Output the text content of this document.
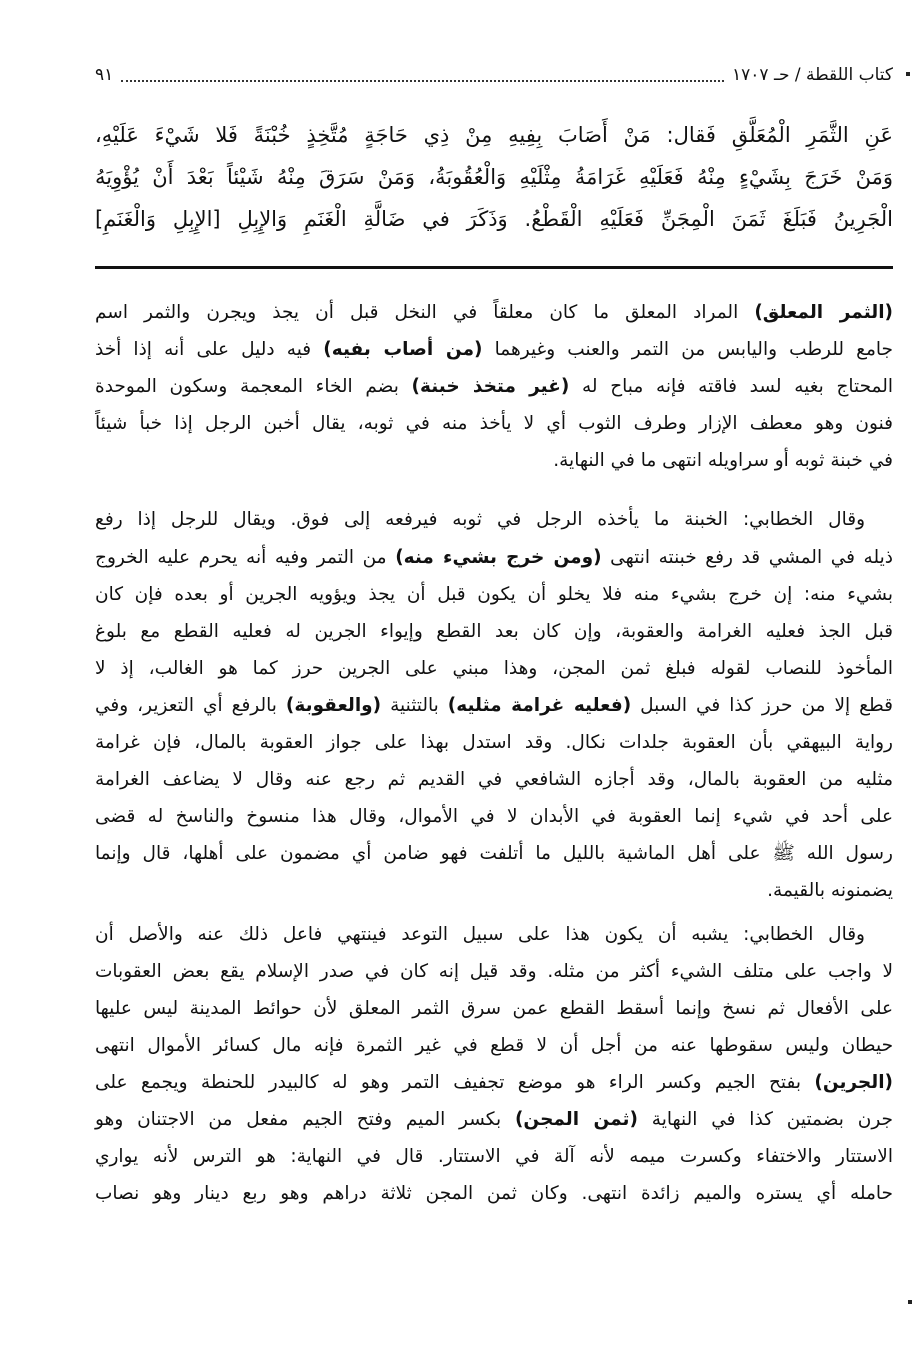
كتاب اللقطة / حـ ١٧٠٧
٩١
عَنِ الثَّمَرِ الْمُعَلَّقِ فَقال: مَنْ أَصَابَ بِفِيهِ مِنْ ذِي حَاجَةٍ مُتَّخِذٍ خُبْنَةً فَلا شَيْءَ عَلَيْهِ،
وَمَنْ خَرَجَ بِشَيْءٍ مِنْهُ فَعَلَيْهِ غَرَامَةُ مِثْلَيْهِ وَالْعُقُوبَةُ، وَمَنْ سَرَقَ مِنْهُ شَيْئاً بَعْدَ أَنْ يُؤْوِيَهُ
الْجَرِينُ فَبَلَغَ ثَمَنَ الْمِجَنِّ فَعَلَيْهِ الْقَطْعُ. وَذَكَرَ في ضَالَّةِ الْغَنَمِ وَالإِبِلِ [الإِبِلِ وَالْغَنَمِ]
(الثمر المعلق) المراد المعلق ما كان معلقاً في النخل قبل أن يجذ ويجرن والثمر اسم
جامع للرطب واليابس من التمر والعنب وغيرهما (من أصاب بفيه) فيه دليل على أنه إذا أخذ
المحتاج بغيه لسد فاقته فإنه مباح له (غير متخذ خبنة) بضم الخاء المعجمة وسكون الموحدة
فنون وهو معطف الإزار وطرف الثوب أي لا يأخذ منه في ثوبه، يقال أخبن الرجل إذا خبأ شيئاً
في خبنة ثوبه أو سراويله انتهى ما في النهاية.
وقال الخطابي: الخبنة ما يأخذه الرجل في ثوبه فيرفعه إلى فوق. ويقال للرجل إذا رفع
ذيله في المشي قد رفع خبنته انتهى (ومن خرج بشيء منه) من التمر وفيه أنه يحرم عليه الخروج
بشيء منه: إن خرج بشيء منه فلا يخلو أن يكون قبل أن يجذ ويؤويه الجرين أو بعده فإن كان
قبل الجذ فعليه الغرامة والعقوبة، وإن كان بعد القطع وإيواء الجرين له فعليه القطع مع بلوغ
المأخوذ للنصاب لقوله فبلغ ثمن المجن، وهذا مبني على الجرين حرز كما هو الغالب، إذ لا
قطع إلا من حرز كذا في السبل (فعليه غرامة مثليه) بالتثنية (والعقوبة) بالرفع أي التعزير، وفي
رواية البيهقي بأن العقوبة جلدات نكال. وقد استدل بهذا على جواز العقوبة بالمال، فإن غرامة
مثليه من العقوبة بالمال، وقد أجازه الشافعي في القديم ثم رجع عنه وقال لا يضاعف الغرامة
على أحد في شيء إنما العقوبة في الأبدان لا في الأموال، وقال هذا منسوخ والناسخ له قضى
رسول الله ﷺ على أهل الماشية بالليل ما أتلفت فهو ضامن أي مضمون على أهلها، قال وإنما
يضمنونه بالقيمة.
وقال الخطابي: يشبه أن يكون هذا على سبيل التوعد فينتهي فاعل ذلك عنه والأصل أن
لا واجب على متلف الشيء أكثر من مثله. وقد قيل إنه كان في صدر الإسلام يقع بعض العقوبات
على الأفعال ثم نسخ وإنما أسقط القطع عمن سرق الثمر المعلق لأن حوائط المدينة ليس عليها
حيطان وليس سقوطها عنه من أجل أن لا قطع في غير الثمرة فإنه مال كسائر الأموال انتهى
(الجرين) بفتح الجيم وكسر الراء هو موضع تجفيف التمر وهو له كالبيدر للحنطة ويجمع على
جرن بضمتين كذا في النهاية (ثمن المجن) بكسر الميم وفتح الجيم مفعل من الاجتنان وهو
الاستتار والاختفاء وكسرت ميمه لأنه آلة في الاستتار. قال في النهاية: هو الترس لأنه يواري
حامله أي يستره والميم زائدة انتهى. وكان ثمن المجن ثلاثة دراهم وهو ربع دينار وهو نصاب
